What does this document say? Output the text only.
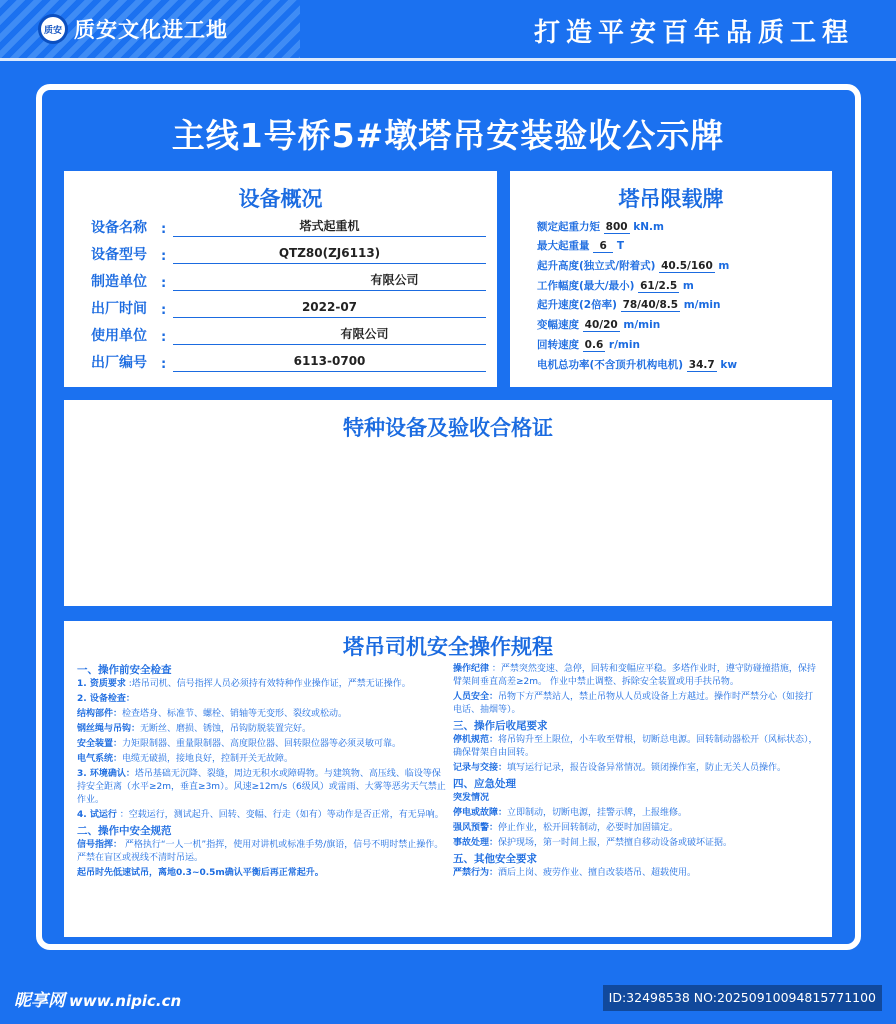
质安 质安文化进工地	打造平安百年品质工程
主线1号桥5#墩塔吊安装验收公示牌
设备概况
设备名称	:	塔式起重机
设备型号	:	QTZ80(ZJ6113)
制造单位	:	有限公司
出厂时间	:	2022-07
使用单位	:	有限公司
出厂编号	:	6113-0700
塔吊限载牌
额定起重力矩 800 kN.m
最大起重量 6 T
起升高度(独立式/附着式) 40.5/160 m
工作幅度(最大/最小) 61/2.5 m
起升速度(2倍率) 78/40/8.5 m/min
变幅速度 40/20 m/min
回转速度 0.6 r/min
电机总功率(不含顶升机构电机) 34.7 kw
特种设备及验收合格证
塔吊司机安全操作规程
一、操作前安全检查
1. 资质要求 :塔吊司机、信号指挥人员必须持有效特种作业操作证，严禁无证操作。
2. 设备检查：
结构部件：检查塔身、标准节、螺栓、销轴等无变形、裂纹或松动。
钢丝绳与吊钩：无断丝、磨损、锈蚀，吊钩防脱装置完好。
安全装置：力矩限制器、重量限制器、高度限位器、回转限位器等必须灵敏可靠。
电气系统：电缆无破损，接地良好，控制开关无故障。
3. 环境确认：塔吊基础无沉降、裂缝，周边无积水或障碍物。与建筑物、高压线、临设等保持安全距离（水平≥2m，垂直≥3m）。风速≥12m/s（6级风）或雷雨、大雾等恶劣天气禁止作业。
4. 试运行 ：空载运行，测试起升、回转、变幅、行走（如有）等动作是否正常，有无异响。
二、操作中安全规范
信号指挥： 严格执行“一人一机”指挥，使用对讲机或标准手势/旗语，信号不明时禁止操作。 严禁在盲区或视线不清时吊运。
起吊时先低速试吊，离地0.3~0.5m确认平衡后再正常起升。
操作纪律 ：严禁突然变速、急停，回转和变幅应平稳。多塔作业时，遵守防碰撞措施，保持臂架间垂直高差≥2m。 作业中禁止调整、拆除安全装置或用手扶吊物。
人员安全：吊物下方严禁站人，禁止吊物从人员或设备上方越过。操作时严禁分心（如接打电话、抽烟等）。
三、操作后收尾要求
停机规范：将吊钩升至上限位，小车收至臂根，切断总电源。回转制动器松开（风标状态），确保臂架自由回转。
记录与交接：填写运行记录，报告设备异常情况。锁闭操作室，防止无关人员操作。
四、应急处理
突发情况
停电或故障：立即制动，切断电源，挂警示牌，上报维修。
强风预警：停止作业，松开回转制动，必要时加固锚定。
事故处理：保护现场，第一时间上报，严禁擅自移动设备或破坏证据。
五、其他安全要求
严禁行为：酒后上岗、疲劳作业、擅自改装塔吊、超载使用。
昵享网 www.nipic.cn	ID:32498538 NO:20250910094815771100
